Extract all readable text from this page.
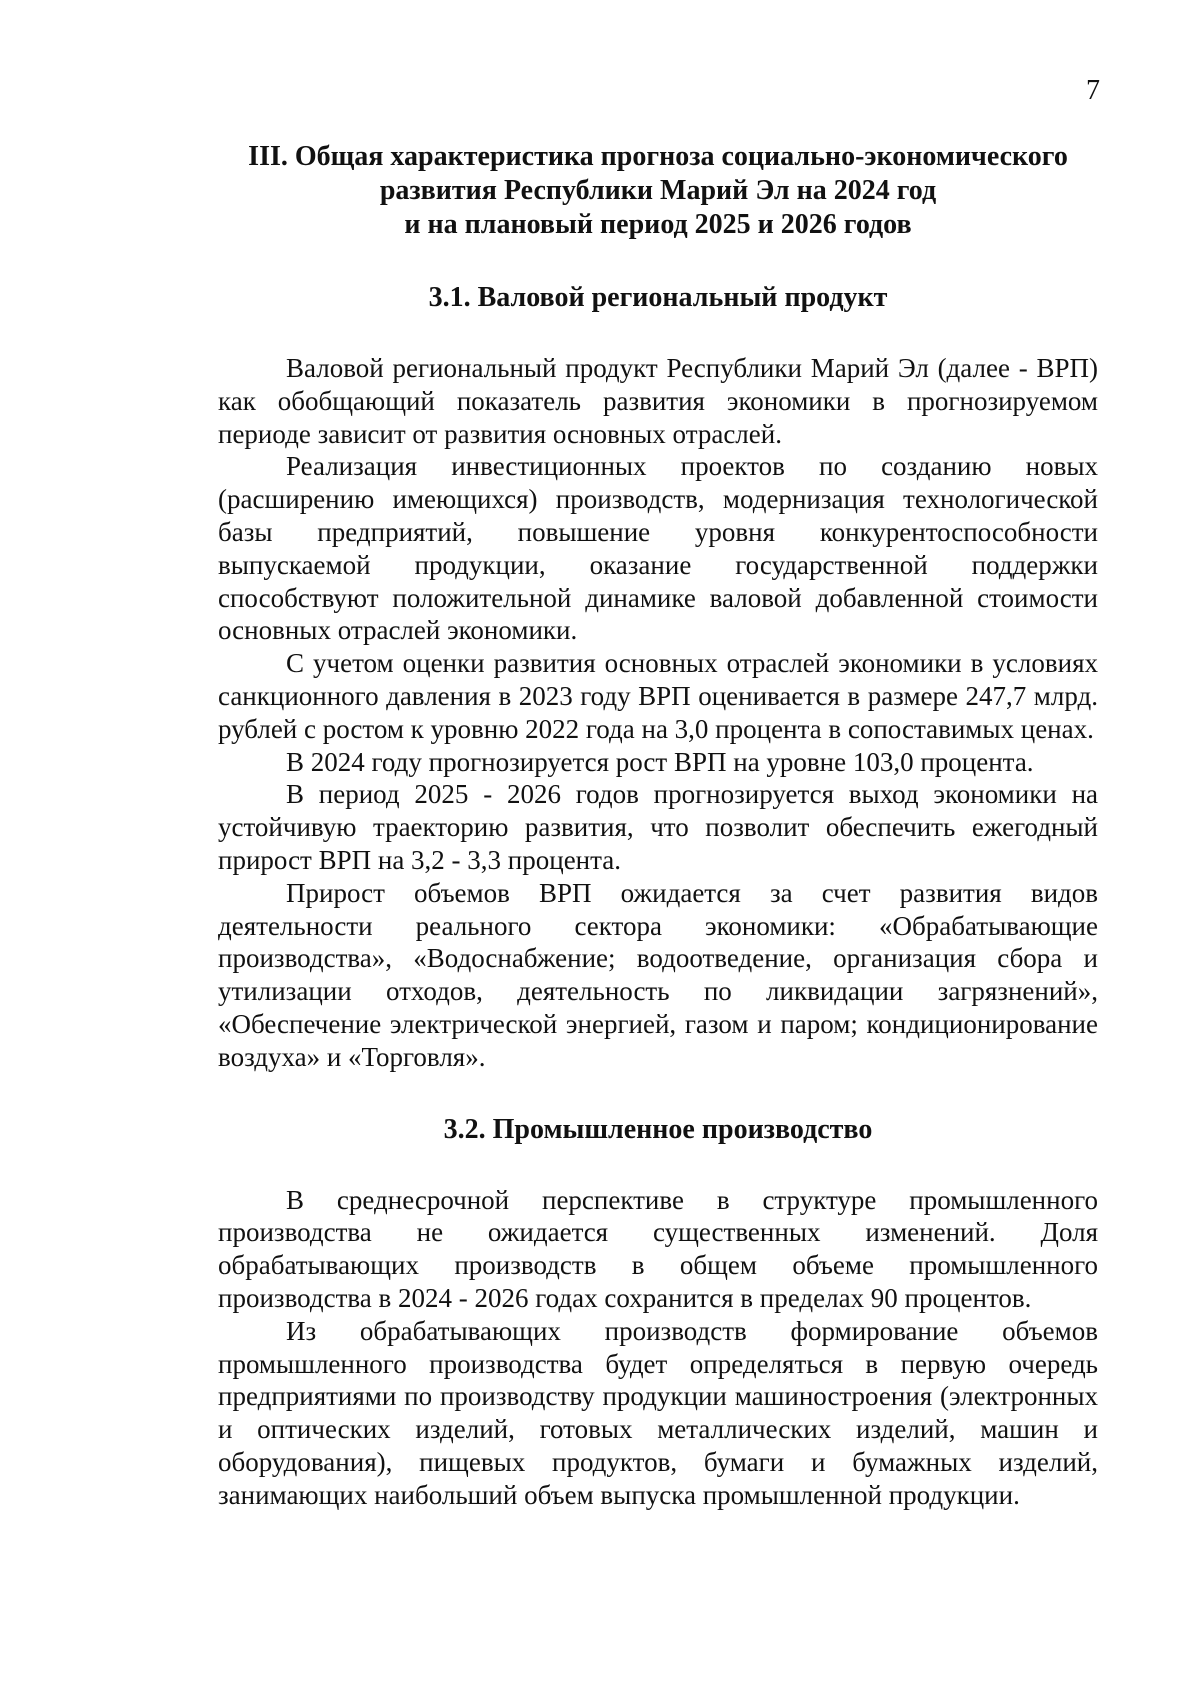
7
III. Общая характеристика прогноза социально-экономического
развития Республики Марий Эл на 2024 год
и на плановый период 2025 и 2026 годов
3.1. Валовой региональный продукт

Валовой региональный продукт Республики Марий Эл (далее - ВРП) как обобщающий показатель развития экономики в прогнозируемом периоде зависит от развития основных отраслей.

Реализация инвестиционных проектов по созданию новых (расширению имеющихся) производств, модернизация технологической базы предприятий, повышение уровня конкурентоспособности выпускаемой продукции, оказание государственной поддержки способствуют положительной динамике валовой добавленной стоимости основных отраслей экономики.

С учетом оценки развития основных отраслей экономики в условиях санкционного давления в 2023 году ВРП оценивается в размере 247,7 млрд. рублей с ростом к уровню 2022 года на 3,0 процента в сопоставимых ценах.

В 2024 году прогнозируется рост ВРП на уровне 103,0 процента.

В период 2025 - 2026 годов прогнозируется выход экономики на устойчивую траекторию развития, что позволит обеспечить ежегодный прирост ВРП на 3,2 - 3,3 процента.

Прирост объемов ВРП ожидается за счет развития видов деятельности реального сектора экономики: «Обрабатывающие производства», «Водоснабжение; водоотведение, организация сбора и утилизации отходов, деятельность по ликвидации загрязнений», «Обеспечение электрической энергией, газом и паром; кондиционирование воздуха» и «Торговля».

3.2. Промышленное производство

В среднесрочной перспективе в структуре промышленного производства не ожидается существенных изменений. Доля обрабатывающих производств в общем объеме промышленного производства в 2024 - 2026 годах сохранится в пределах 90 процентов.

Из обрабатывающих производств формирование объемов промышленного производства будет определяться в первую очередь предприятиями по производству продукции машиностроения (электронных и оптических изделий, готовых металлических изделий, машин и оборудования), пищевых продуктов, бумаги и бумажных изделий, занимающих наибольший объем выпуска промышленной продукции.
